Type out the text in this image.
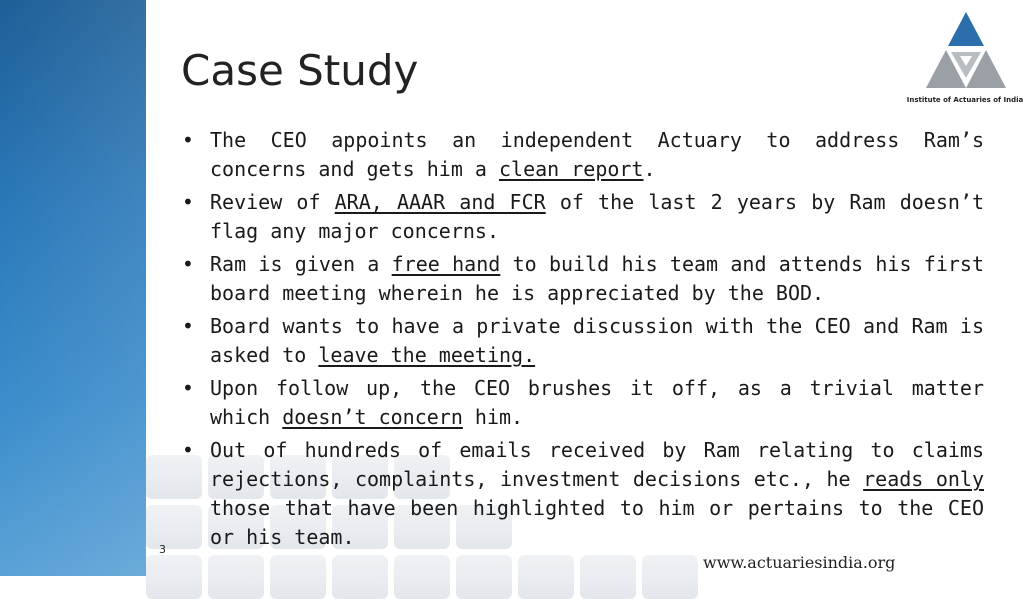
Case Study
Institute of Actuaries of India
• The CEO appoints an independent Actuary to address Ram’s concerns and gets him a clean report.
• Review of ARA, AAAR and FCR of the last 2 years by Ram doesn’t flag any major concerns.
• Ram is given a free hand to build his team and attends his first board meeting wherein he is appreciated by the BOD.
• Board wants to have a private discussion with the CEO and Ram is asked to leave the meeting.
• Upon follow up, the CEO brushes it off, as a trivial matter which doesn’t concern him.
• Out of hundreds of emails received by Ram relating to claims rejections, complaints, investment decisions etc., he reads only those that have been highlighted to him or pertains to the CEO or his team.
3
www.actuariesindia.org
